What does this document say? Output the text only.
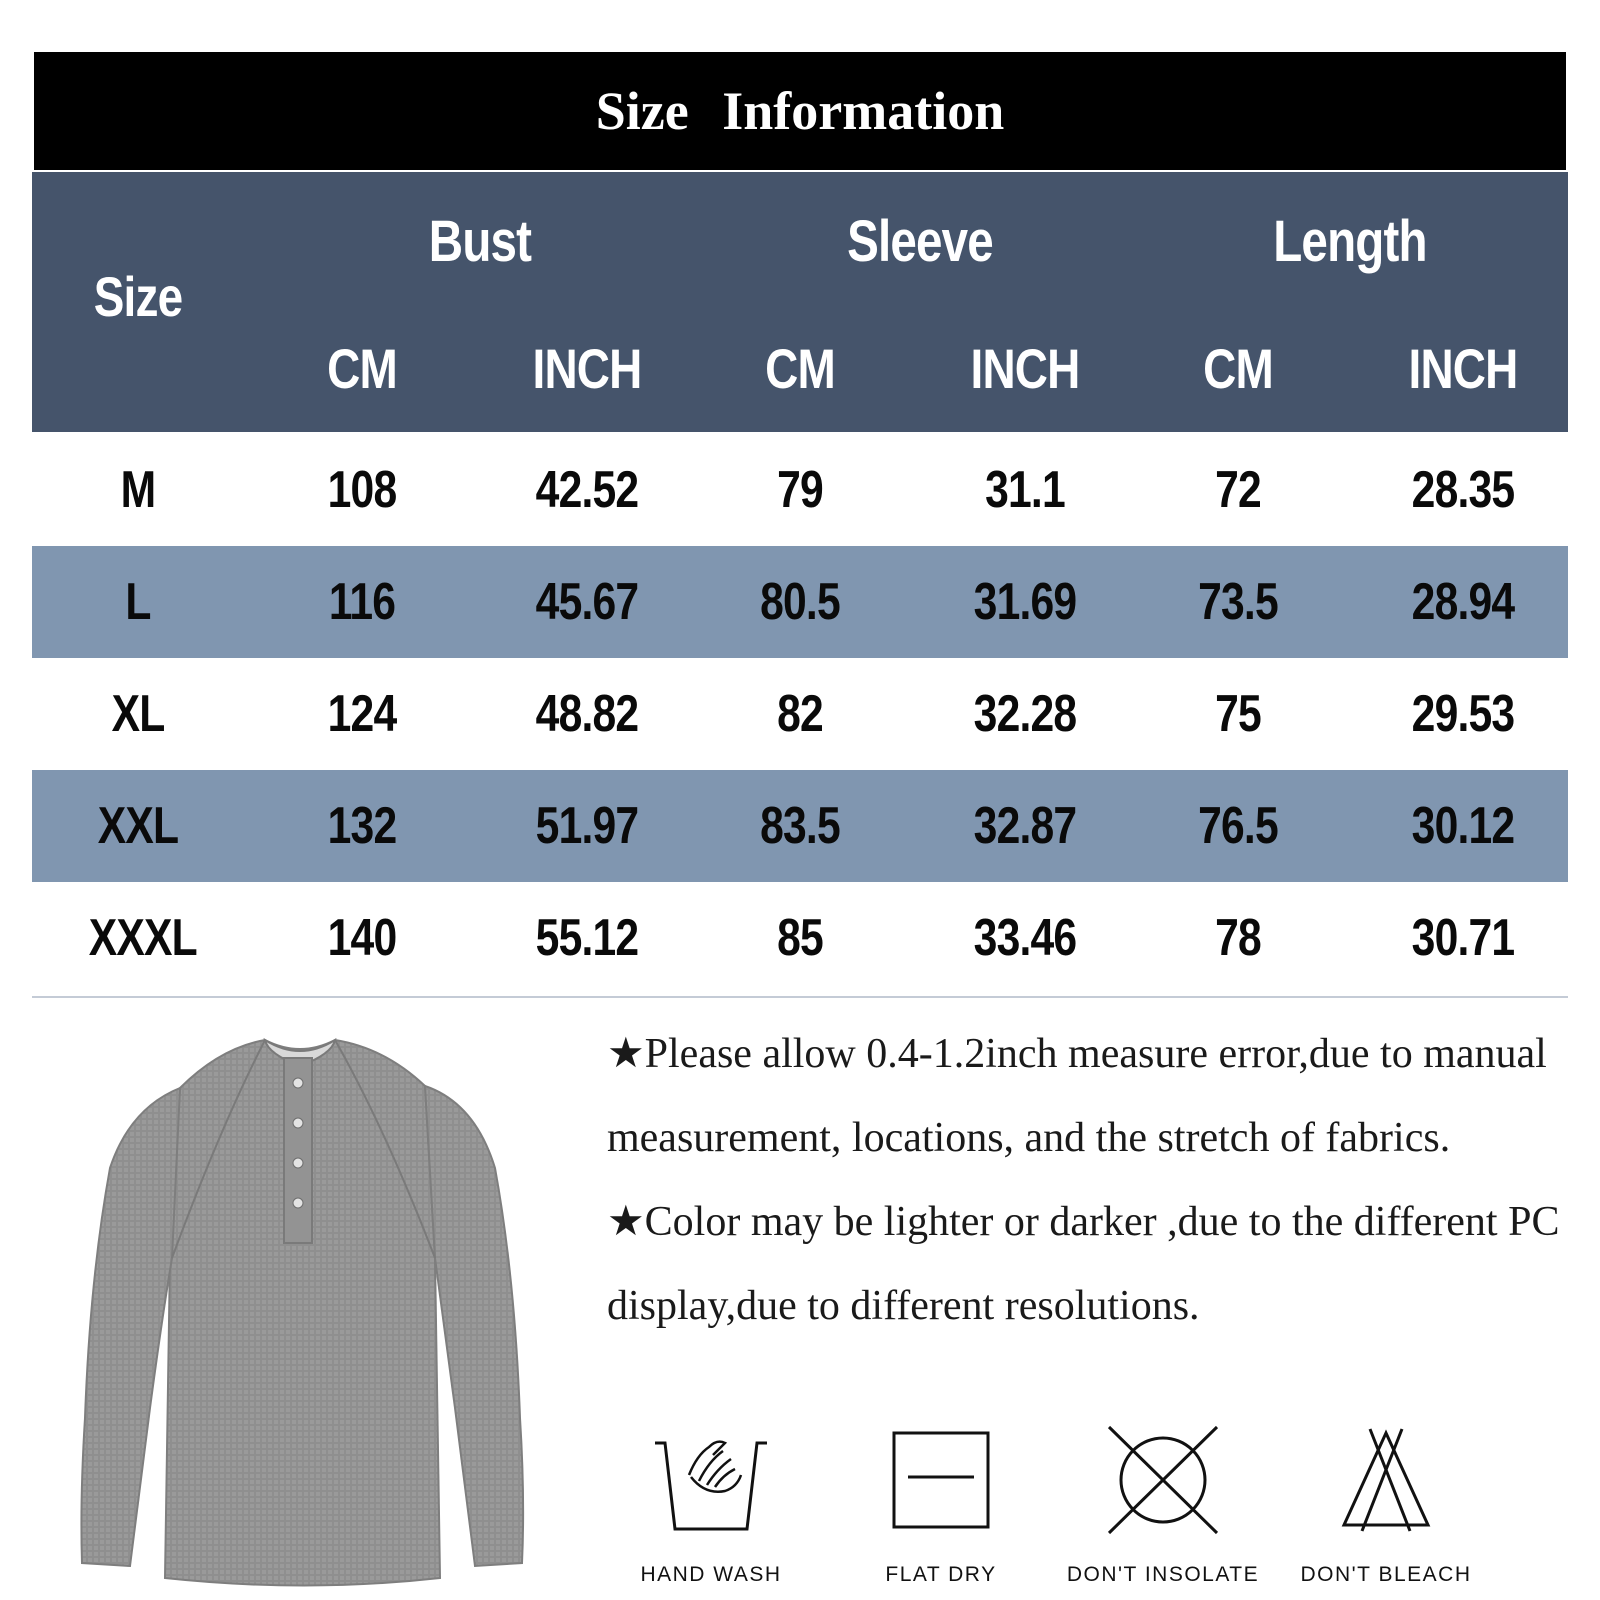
Size Information
Size
Bust	Sleeve	Length
CM	INCH	CM	INCH	CM	INCH
M	108	42.52	79	31.1	72	28.35
L	116	45.67	80.5	31.69	73.5	28.94
XL	124	48.82	82	32.28	75	29.53
XXL	132	51.97	83.5	32.87	76.5	30.12
XXXL	140	55.12	85	33.46	78	30.71

★Please allow 0.4-1.2inch measure error,due to manual measurement, locations, and the stretch of fabrics.

★Color may be lighter or darker ,due to the different PC display,due to different resolutions.

HAND WASH	FLAT DRY	DON'T INSOLATE	DON'T BLEACH
